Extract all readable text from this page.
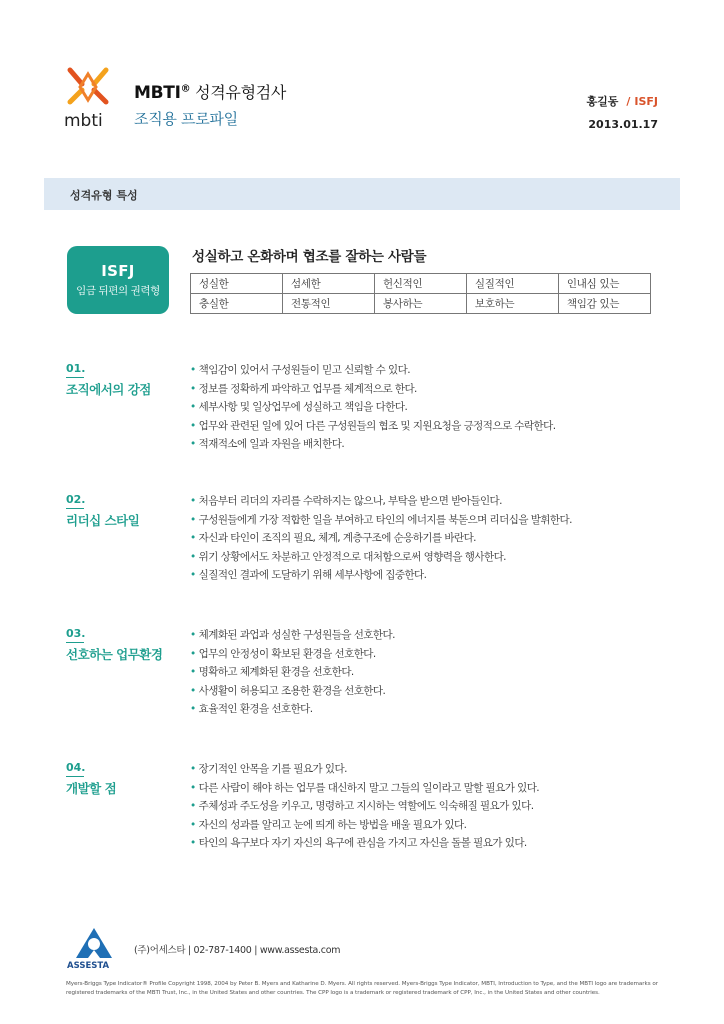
mbti
MBTI® 성격유형검사
조직용 프로파일
홍길동 / ISFJ
2013.01.17
성격유형 특성
ISFJ
임금 뒤편의 권력형
성실하고 온화하며 협조를 잘하는 사람들
성실한	섬세한	헌신적인	실질적인	인내심 있는
충실한	전통적인	봉사하는	보호하는	책임감 있는
01.
조직에서의 강점
• 책임감이 있어서 구성원들이 믿고 신뢰할 수 있다.
• 정보를 정확하게 파악하고 업무를 체계적으로 한다.
• 세부사항 및 일상업무에 성실하고 책임을 다한다.
• 업무와 관련된 일에 있어 다른 구성원들의 협조 및 지원요청을 긍정적으로 수락한다.
• 적재적소에 일과 자원을 배치한다.
02.
리더십 스타일
• 처음부터 리더의 자리를 수락하지는 않으나, 부탁을 받으면 받아들인다.
• 구성원들에게 가장 적합한 일을 부여하고 타인의 에너지를 북돋으며 리더십을 발휘한다.
• 자신과 타인이 조직의 필요, 체계, 계층구조에 순응하기를 바란다.
• 위기 상황에서도 차분하고 안정적으로 대처함으로써 영향력을 행사한다.
• 실질적인 결과에 도달하기 위해 세부사항에 집중한다.
03.
선호하는 업무환경
• 체계화된 과업과 성실한 구성원들을 선호한다.
• 업무의 안정성이 확보된 환경을 선호한다.
• 명확하고 체계화된 환경을 선호한다.
• 사생활이 허용되고 조용한 환경을 선호한다.
• 효율적인 환경을 선호한다.
04.
개발할 점
• 장기적인 안목을 기를 필요가 있다.
• 다른 사람이 해야 하는 업무를 대신하지 말고 그들의 일이라고 말할 필요가 있다.
• 주체성과 주도성을 키우고, 명령하고 지시하는 역할에도 익숙해질 필요가 있다.
• 자신의 성과를 알리고 눈에 띄게 하는 방법을 배울 필요가 있다.
• 타인의 욕구보다 자기 자신의 욕구에 관심을 가지고 자신을 돌볼 필요가 있다.
ASSESTA
(주)어세스타 | 02-787-1400 | www.assesta.com
Myers-Briggs Type Indicator® Profile Copyright 1998, 2004 by Peter B. Myers and Katharine D. Myers. All rights reserved. Myers-Briggs Type Indicator, MBTI, Introduction to Type, and the MBTI logo are trademarks or registered trademarks of the MBTI Trust, Inc., in the United States and other countries. The CPP logo is a trademark or registered trademark of CPP, Inc., in the United States and other countries.
